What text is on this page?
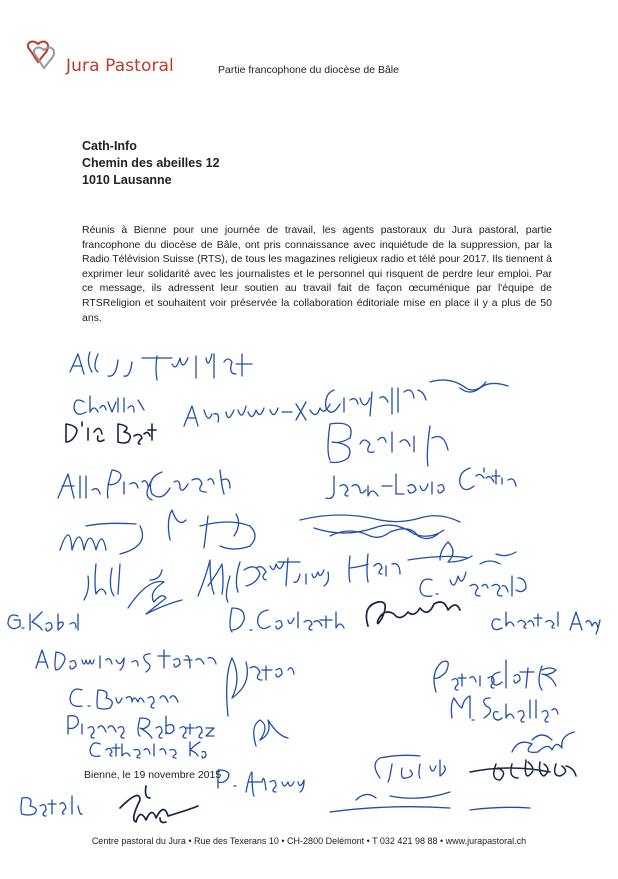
Jura Pastoral	Partie francophone du diocèse de Bâle
Cath-Info
Chemin des abeilles 12
1010 Lausanne
Réunis à Bienne pour une journée de travail, les agents pastoraux du Jura pastoral, partie francophone du diocèse de Bâle, ont pris connaissance avec inquiétude de la suppression, par la Radio Télévision Suisse (RTS), de tous les magazines religieux radio et télé pour 2017. Ils tiennent à exprimer leur solidarité avec les journalistes et le personnel qui risquent de perdre leur emploi. Par ce message, ils adressent leur soutien au travail fait de façon œcuménique par l'équipe de RTSReligion et souhaitent voir préservée la collaboration éditoriale mise en place il y a plus de 50 ans.
Bienne, le 19 novembre 2015
Centre pastoral du Jura • Rue des Texerans 10 • CH-2800 Delémont • T 032 421 98 88 • www.jurapastoral.ch
